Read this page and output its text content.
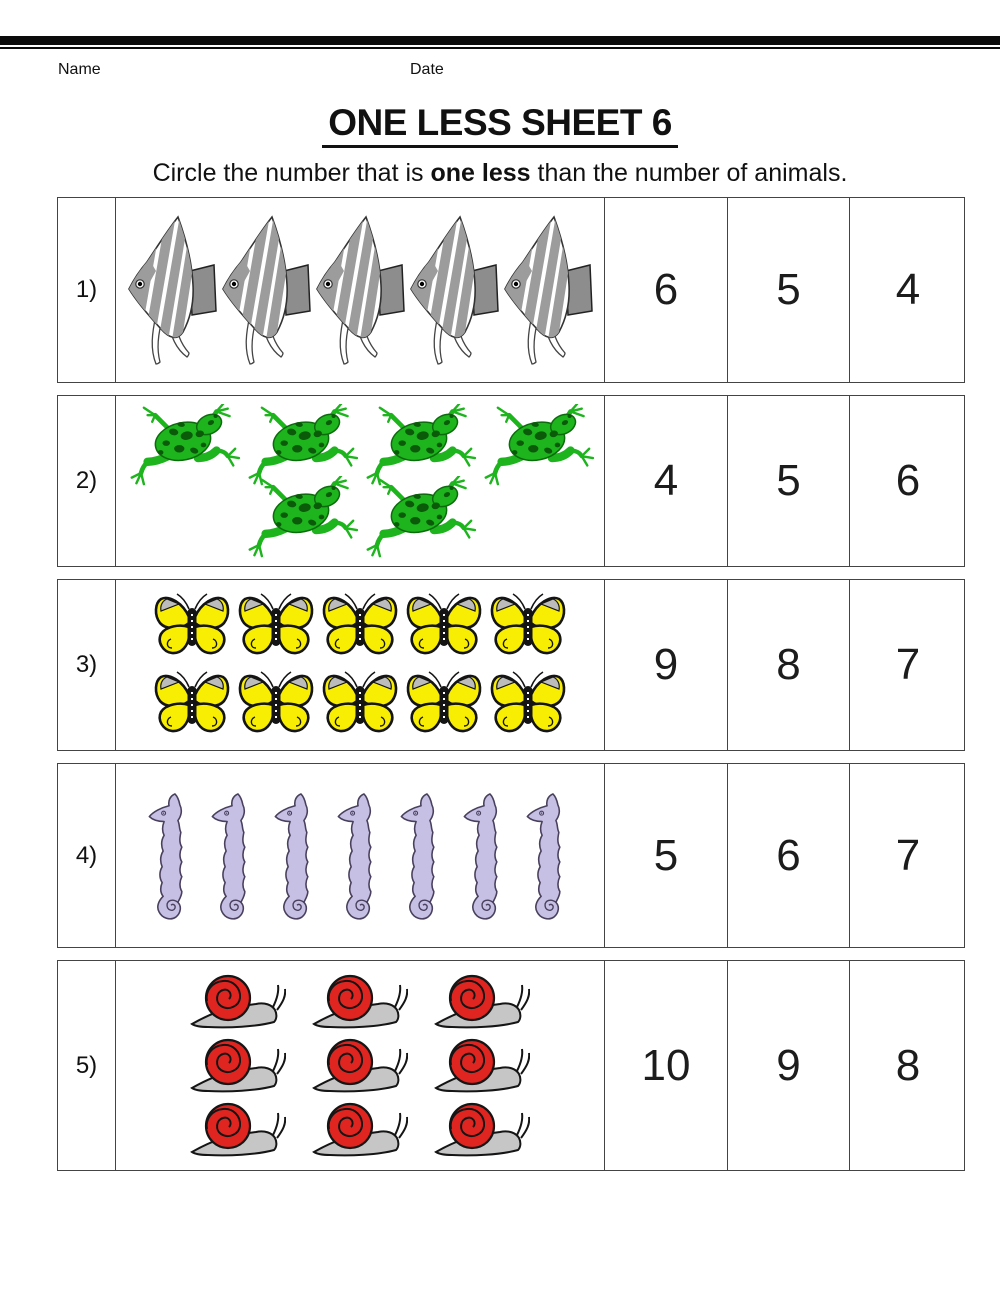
Name	Date
ONE LESS SHEET 6
Circle the number that is one less than the number of animals.
1)	6	5	4
2)	4	5	6
3)	9	8	7
4)	5	6	7
5)	10	9	8
